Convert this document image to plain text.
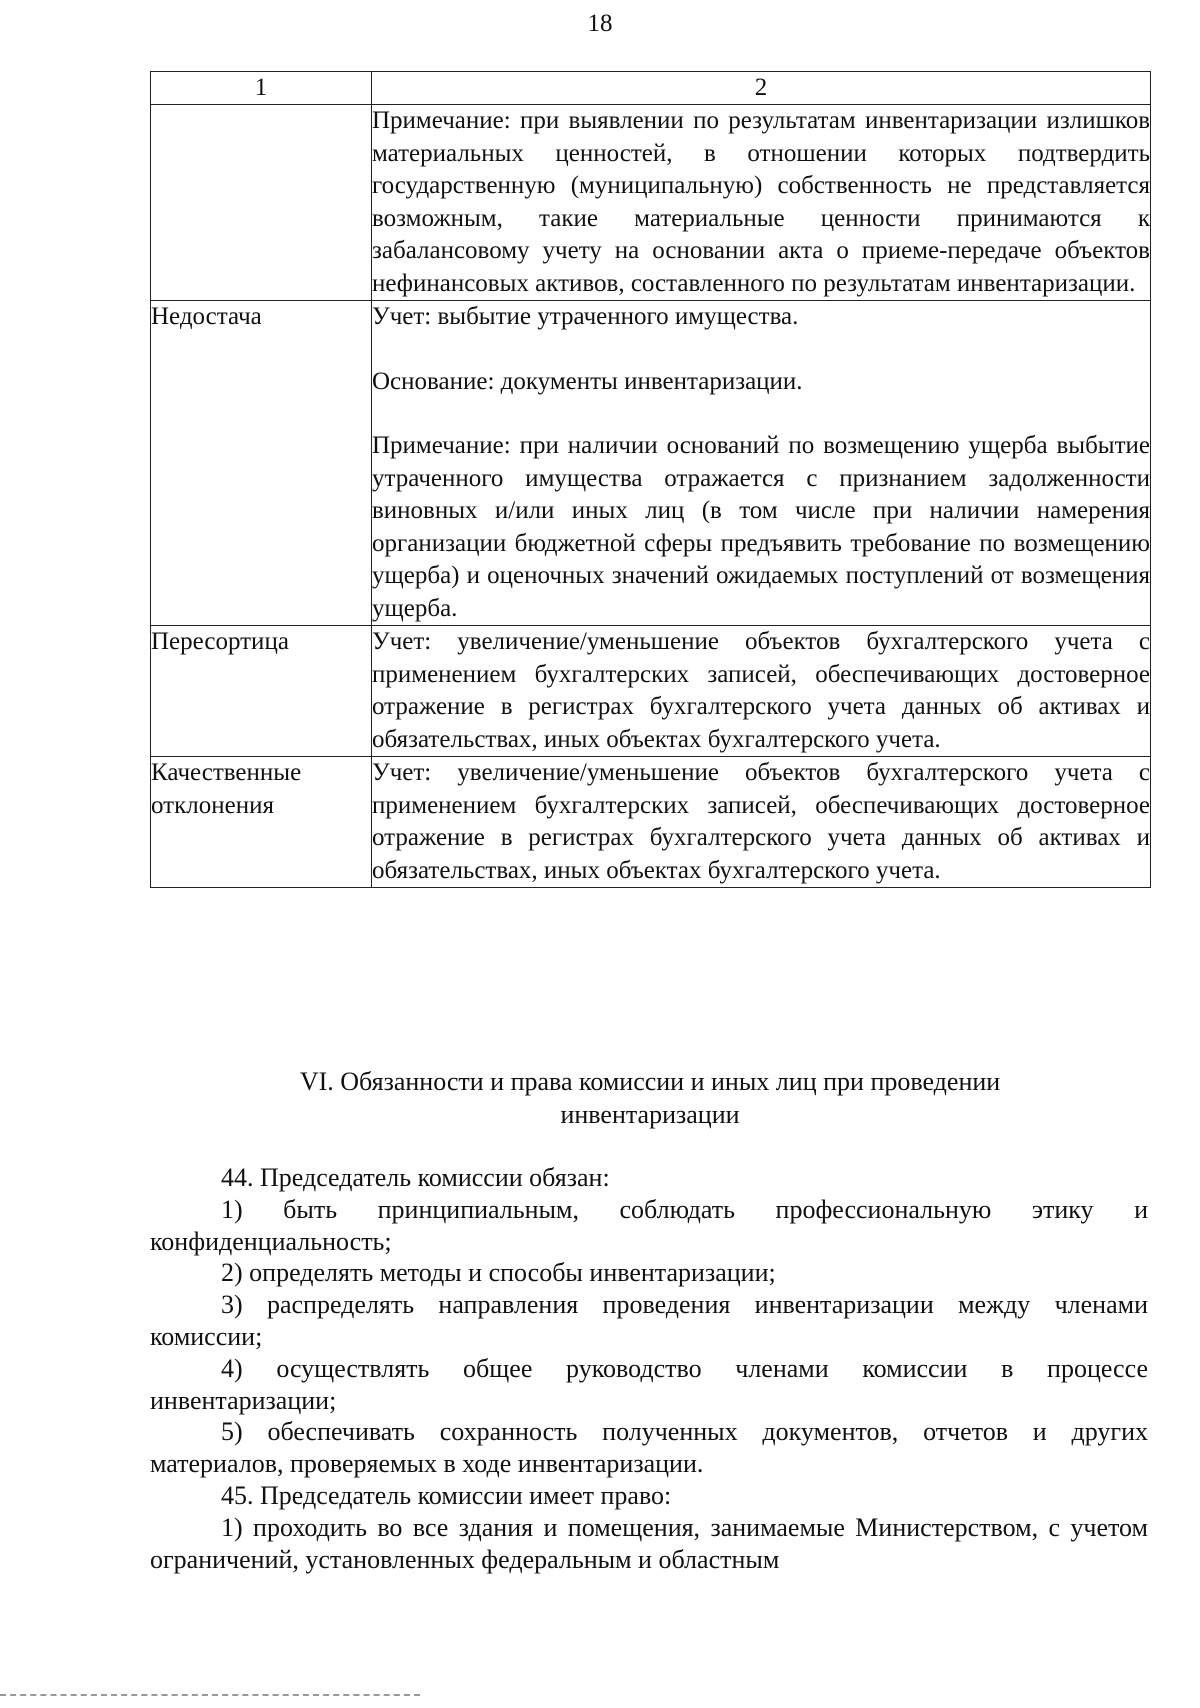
18
1	2

	Примечание: при выявлении по результатам инвентаризации излишков материальных ценностей, в отношении которых подтвердить государственную (муниципальную) собственность не представляется возможным, такие материальные ценности принимаются к забалансовому учету на основании акта о приеме-передаче объектов нефинансовых активов, составленного по результатам инвентаризации.

Недостача	Учет: выбытие утраченного имущества.

Основание: документы инвентаризации.

Примечание: при наличии оснований по возмещению ущерба выбытие утраченного имущества отражается с признанием задолженности виновных и/или иных лиц (в том числе при наличии намерения организации бюджетной сферы предъявить требование по возмещению ущерба) и оценочных значений ожидаемых поступлений от возмещения ущерба.

Пересортица	Учет: увеличение/уменьшение объектов бухгалтерского учета с применением бухгалтерских записей, обеспечивающих достоверное отражение в регистрах бухгалтерского учета данных об активах и обязательствах, иных объектах бухгалтерского учета.

Качественные отклонения	Учет: увеличение/уменьшение объектов бухгалтерского учета с применением бухгалтерских записей, обеспечивающих достоверное отражение в регистрах бухгалтерского учета данных об активах и обязательствах, иных объектах бухгалтерского учета.

VI. Обязанности и права комиссии и иных лиц при проведении
инвентаризации

44. Председатель комиссии обязан:

1) быть принципиальным, соблюдать профессиональную этику и конфиденциальность;

2) определять методы и способы инвентаризации;

3) распределять направления проведения инвентаризации между членами комиссии;

4) осуществлять общее руководство членами комиссии в процессе инвентаризации;

5) обеспечивать сохранность полученных документов, отчетов и других материалов, проверяемых в ходе инвентаризации.

45. Председатель комиссии имеет право:

1) проходить во все здания и помещения, занимаемые Министерством, с учетом ограничений, установленных федеральным и областным
